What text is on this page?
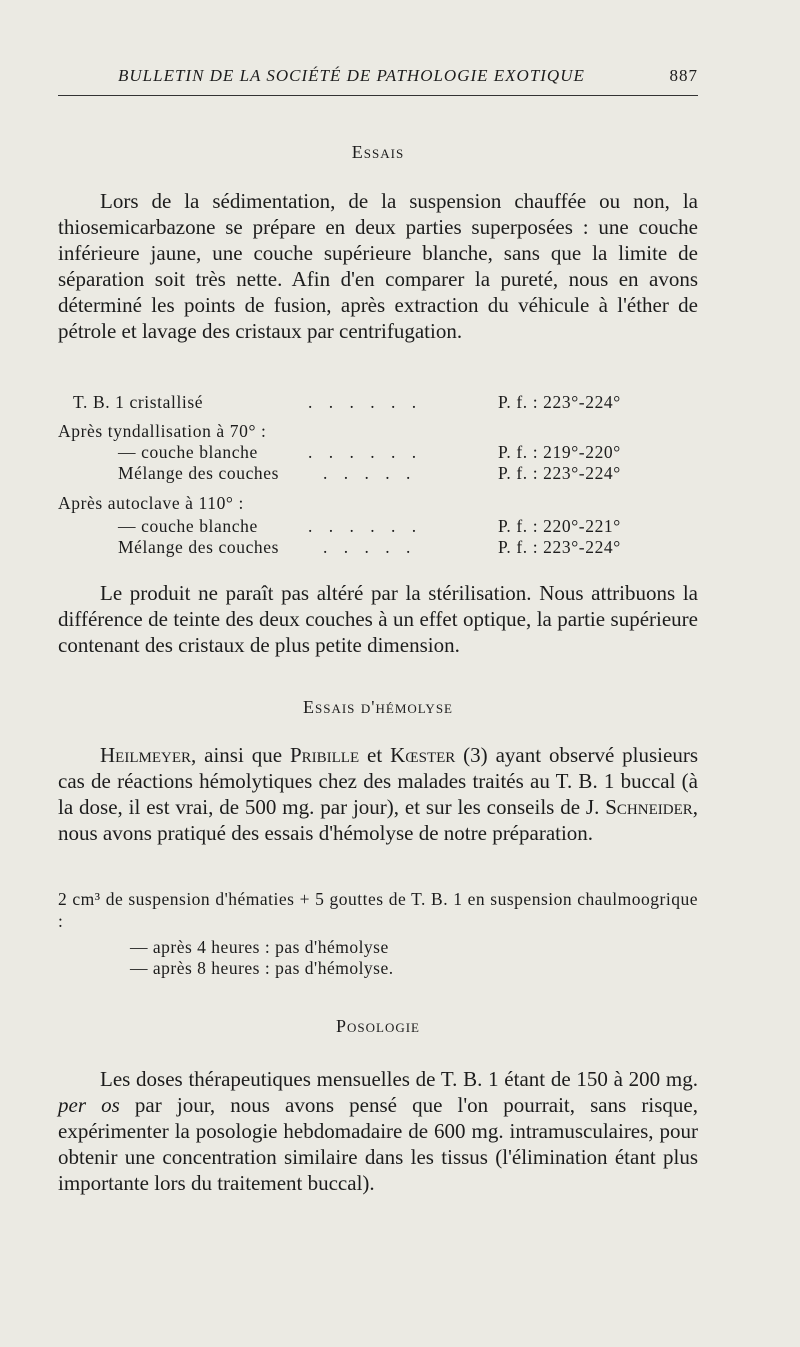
BULLETIN DE LA SOCIÉTÉ DE PATHOLOGIE EXOTIQUE	887
Essais

Lors de la sédimentation, de la suspension chauffée ou non, la thiosemicarbazone se prépare en deux parties superposées : une couche inférieure jaune, une couche supérieure blanche, sans que la limite de séparation soit très nette. Afin d'en comparer la pureté, nous en avons déterminé les points de fusion, après extraction du véhicule à l'éther de pétrole et lavage des cristaux par centrifugation.

T. B. 1 cristallisé	. . . . . .	P. f. : 223°-224°
Après tyndallisation à 70° :
— couche blanche	. . . . . .	P. f. : 219°-220°
Mélange des couches	. . . . .	P. f. : 223°-224°
Après autoclave à 110° :
— couche blanche	. . . . . .	P. f. : 220°-221°
Mélange des couches	. . . . .	P. f. : 223°-224°

Le produit ne paraît pas altéré par la stérilisation. Nous attribuons la différence de teinte des deux couches à un effet optique, la partie supérieure contenant des cristaux de plus petite dimension.

Essais d'hémolyse

Heilmeyer, ainsi que Pribille et Kœster (3) ayant observé plusieurs cas de réactions hémolytiques chez des malades traités au T. B. 1 buccal (à la dose, il est vrai, de 500 mg. par jour), et sur les conseils de J. Schneider, nous avons pratiqué des essais d'hémolyse de notre préparation.

2 cm³ de suspension d'hématies + 5 gouttes de T. B. 1 en suspension chaulmoogrique :

— après 4 heures : pas d'hémolyse
— après 8 heures : pas d'hémolyse.
Posologie

Les doses thérapeutiques mensuelles de T. B. 1 étant de 150 à 200 mg. per os par jour, nous avons pensé que l'on pourrait, sans risque, expérimenter la posologie hebdomadaire de 600 mg. intramusculaires, pour obtenir une concentration similaire dans les tissus (l'élimination étant plus importante lors du traitement buccal).
